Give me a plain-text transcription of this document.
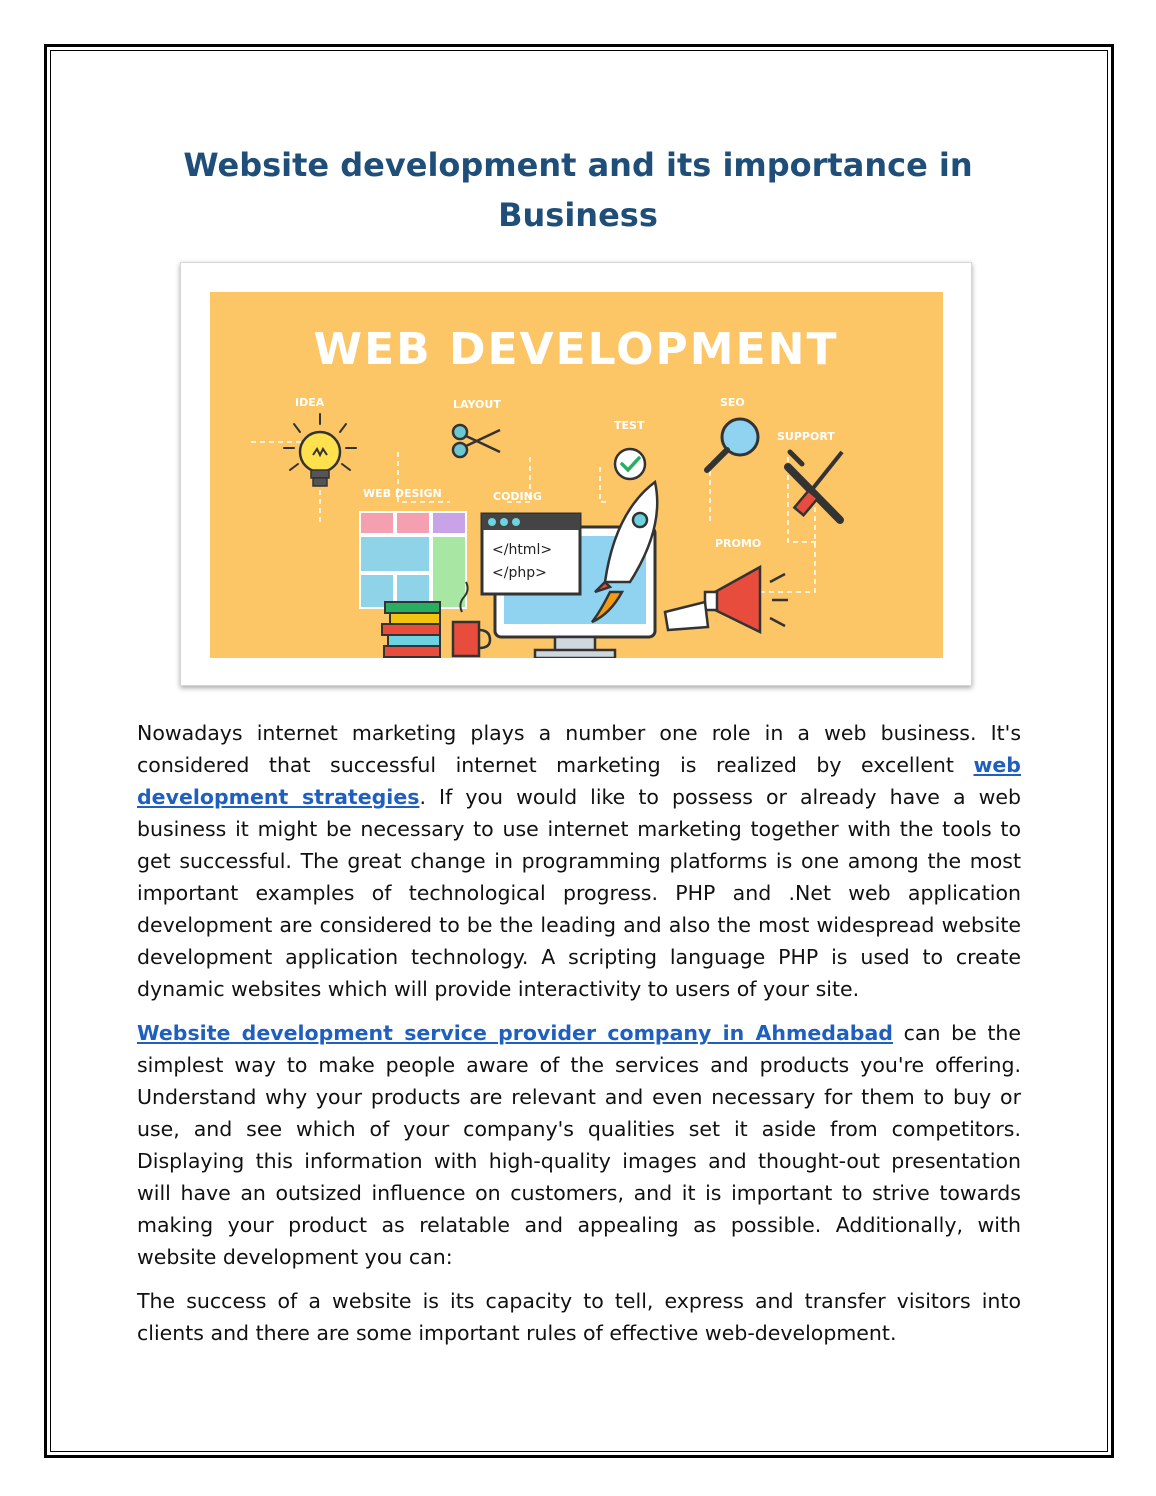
Website development and its importance in Business
WEB DEVELOPMENT
IDEA	LAYOUT
TEST
SEO
SUPPORT
WEB DESIGN	CODING
PROMO
</html>
</php>

Nowadays internet marketing plays a number one role in a web business. It's considered that successful internet marketing is realized by excellent web development strategies. If you would like to possess or already have a web business it might be necessary to use internet marketing together with the tools to get successful. The great change in programming platforms is one among the most important examples of technological progress. PHP and .Net web application development are considered to be the leading and also the most widespread website development application technology. A scripting language PHP is used to create dynamic websites which will provide interactivity to users of your site.

Website development service provider company in Ahmedabad can be the simplest way to make people aware of the services and products you're offering. Understand why your products are relevant and even necessary for them to buy or use, and see which of your company's qualities set it aside from competitors. Displaying this information with high-quality images and thought-out presentation will have an outsized influence on customers, and it is important to strive towards making your product as relatable and appealing as possible. Additionally, with website development you can:

The success of a website is its capacity to tell, express and transfer visitors into clients and there are some important rules of effective web-development.
